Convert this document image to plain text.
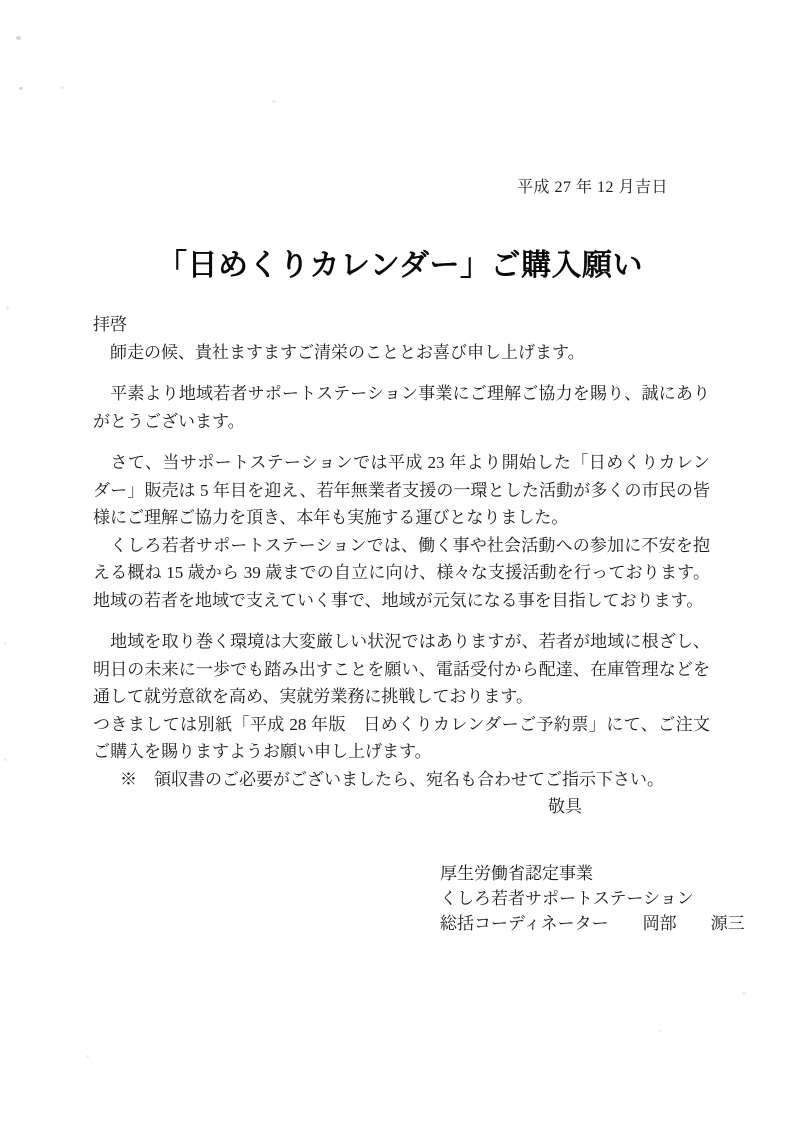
平成 27 年 12 月吉日
「日めくりカレンダー」ご購入願い

拝啓

　師走の候、貴社ますますご清栄のこととお喜び申し上げます。

　平素より地域若者サポートステーション事業にご理解ご協力を賜り、誠にありがとうございます。

　さて、当サポートステーションでは平成 23 年より開始した「日めくりカレンダー」販売は 5 年目を迎え、若年無業者支援の一環とした活動が多くの市民の皆様にご理解ご協力を頂き、本年も実施する運びとなりました。

　くしろ若者サポートステーションでは、働く事や社会活動への参加に不安を抱える概ね 15 歳から 39 歳までの自立に向け、様々な支援活動を行っております。地域の若者を地域で支えていく事で、地域が元気になる事を目指しております。

　地域を取り巻く環境は大変厳しい状況ではありますが、若者が地域に根ざし、明日の未来に一歩でも踏み出すことを願い、電話受付から配達、在庫管理などを通して就労意欲を高め、実就労業務に挑戦しております。

つきましては別紙「平成 28 年版　日めくりカレンダーご予約票」にて、ご注文ご購入を賜りますようお願い申し上げます。

※　領収書のご必要がございましたら、宛名も合わせてご指示下さい。

敬具

厚生労働省認定事業
くしろ若者サポートステーション
総括コーディネーター　　岡部　　源三
